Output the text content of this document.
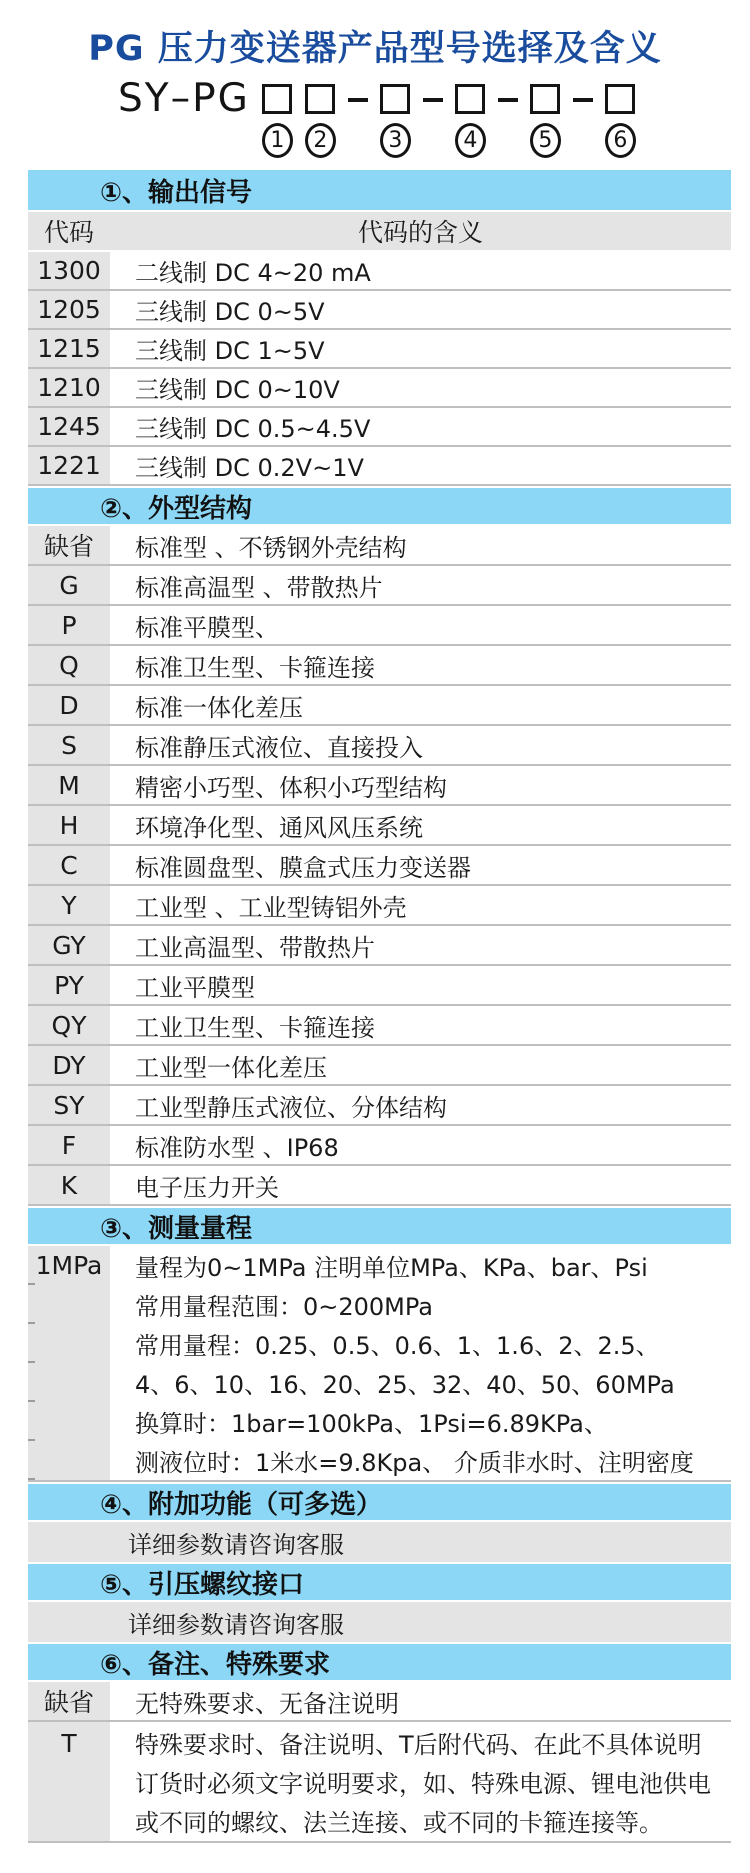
PG 压力变送器产品型号选择及含义
SY–PG
1	2	3	4	5	6
①、输出信号
代码	代码的含义
1300	二线制 DC 4~20 mA
1205	三线制 DC 0~5V
1215	三线制 DC 1~5V
1210	三线制 DC 0~10V
1245	三线制 DC 0.5~4.5V
1221	三线制 DC 0.2V~1V
②、外型结构
缺省	标准型 、不锈钢外壳结构
G	标准高温型 、带散热片
P	标准平膜型、
Q	标准卫生型、卡箍连接
D	标准一体化差压
S	标准静压式液位、直接投入
M	精密小巧型、体积小巧型结构
H	环境净化型、通风风压系统
C	标准圆盘型、膜盒式压力变送器
Y	工业型 、工业型铸铝外壳
GY	工业高温型、带散热片
PY	工业平膜型
QY	工业卫生型、卡箍连接
DY	工业型一体化差压
SY	工业型静压式液位、分体结构
F	标准防水型 、IP68
K	电子压力开关
③、测量量程
1MPa	量程为0~1MPa 注明单位MPa、KPa、bar、Psi
常用量程范围：0~200MPa
常用量程：0.25、0.5、0.6、1、1.6、2、2.5、
4、6、10、16、20、25、32、40、50、60MPa
换算时：1bar=100kPa、1Psi=6.89KPa、
测液位时：1米水=9.8Kpa、 介质非水时、注明密度
④、附加功能（可多选）
详细参数请咨询客服
⑤、引压螺纹接口
详细参数请咨询客服
⑥、备注、特殊要求
缺省	无特殊要求、无备注说明
T	特殊要求时、备注说明、T后附代码、在此不具体说明
订货时必须文字说明要求，如、特殊电源、锂电池供电
或不同的螺纹、法兰连接、或不同的卡箍连接等。
